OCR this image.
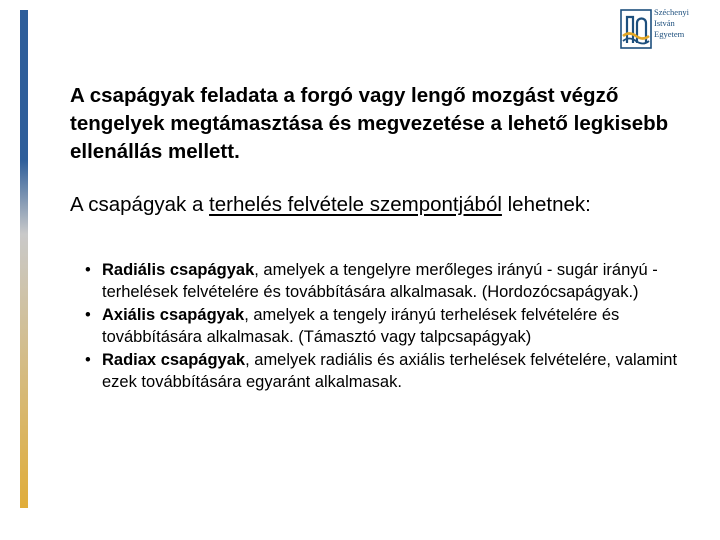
Széchenyi
István
Egyetem

A csapágyak feladata a forgó vagy lengő mozgást végző tengelyek megtámasztása és megvezetése a lehető legkisebb ellenállás mellett.

A csapágyak a terhelés felvétele szempontjából lehetnek:

• Radiális csapágyak, amelyek a tengelyre merőleges irányú - sugár irányú - terhelések felvételére és továbbítására alkalmasak. (Hordozócsapágyak.)
• Axiális csapágyak, amelyek a tengely irányú terhelések felvételére és továbbítására alkalmasak. (Támasztó vagy talpcsapágyak)
• Radiax csapágyak, amelyek radiális és axiális terhelések felvételére, valamint ezek továbbítására egyaránt alkalmasak.
